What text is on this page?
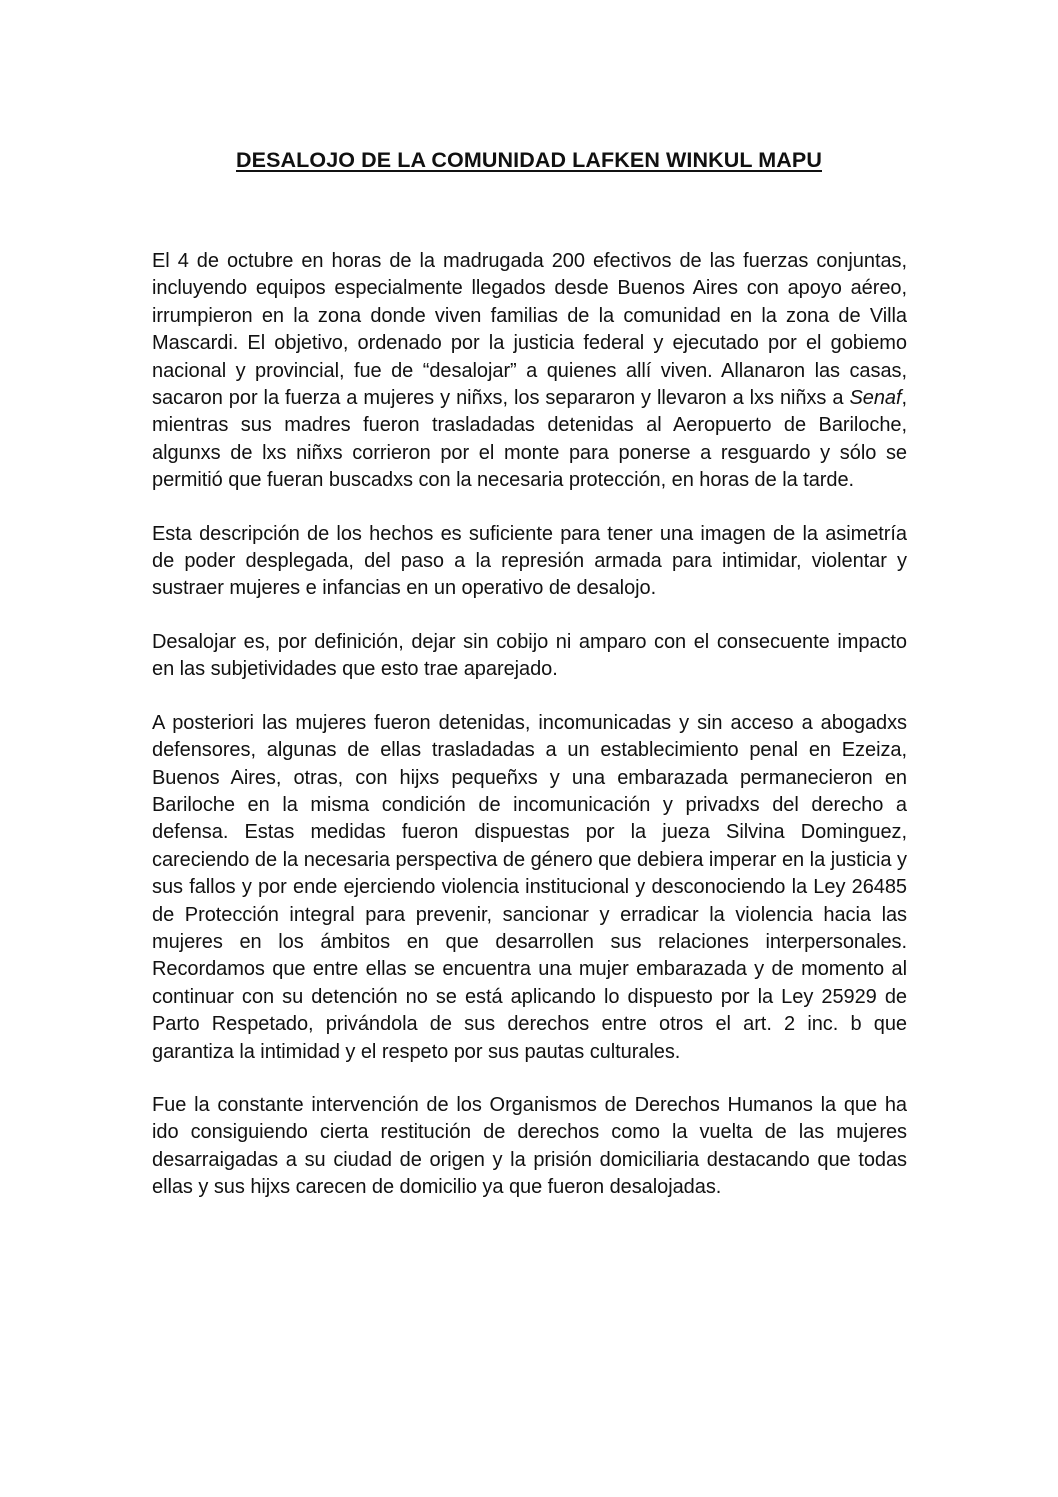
DESALOJO DE LA COMUNIDAD LAFKEN WINKUL MAPU

El 4 de octubre en horas de la madrugada 200 efectivos de las fuerzas conjuntas, incluyendo equipos especialmente llegados desde Buenos Aires con apoyo aéreo, irrumpieron en la zona donde viven familias de la comunidad en la zona de Villa Mascardi. El objetivo, ordenado por la justicia federal y ejecutado por el gobiemo nacional y provincial, fue de “desalojar” a quienes allí viven. Allanaron las casas, sacaron por la fuerza a mujeres y niñxs, los separaron y llevaron a lxs niñxs a Senaf, mientras sus madres fueron trasladadas detenidas al Aeropuerto de Bariloche, algunxs de lxs niñxs corrieron por el monte para ponerse a resguardo y sólo se permitió que fueran buscadxs con la necesaria protección, en horas de la tarde.

Esta descripción de los hechos es suficiente para tener una imagen de la asimetría de poder desplegada, del paso a la represión armada para intimidar, violentar y sustraer mujeres e infancias en un operativo de desalojo.

Desalojar es, por definición, dejar sin cobijo ni amparo con el consecuente impacto en las subjetividades que esto trae aparejado.

A posteriori las mujeres fueron detenidas, incomunicadas y sin acceso a abogadxs defensores, algunas de ellas trasladadas a un establecimiento penal en Ezeiza, Buenos Aires, otras, con hijxs pequeñxs y una embarazada permanecieron en Bariloche en la misma condición de incomunicación y privadxs del derecho a defensa. Estas medidas fueron dispuestas por la jueza Silvina Dominguez, careciendo de la necesaria perspectiva de género que debiera imperar en la justicia y sus fallos y por ende ejerciendo violencia institucional y desconociendo la Ley 26485 de Protección integral para prevenir, sancionar y erradicar la violencia hacia las mujeres en los ámbitos en que desarrollen sus relaciones interpersonales. Recordamos que entre ellas se encuentra una mujer embarazada y de momento al continuar con su detención no se está aplicando lo dispuesto por la Ley 25929 de Parto Respetado, privándola de sus derechos entre otros el art. 2 inc. b que garantiza la intimidad y el respeto por sus pautas culturales.

Fue la constante intervención de los Organismos de Derechos Humanos la que ha ido consiguiendo cierta restitución de derechos como la vuelta de las mujeres desarraigadas a su ciudad de origen y la prisión domiciliaria destacando que todas ellas y sus hijxs carecen de domicilio ya que fueron desalojadas.
